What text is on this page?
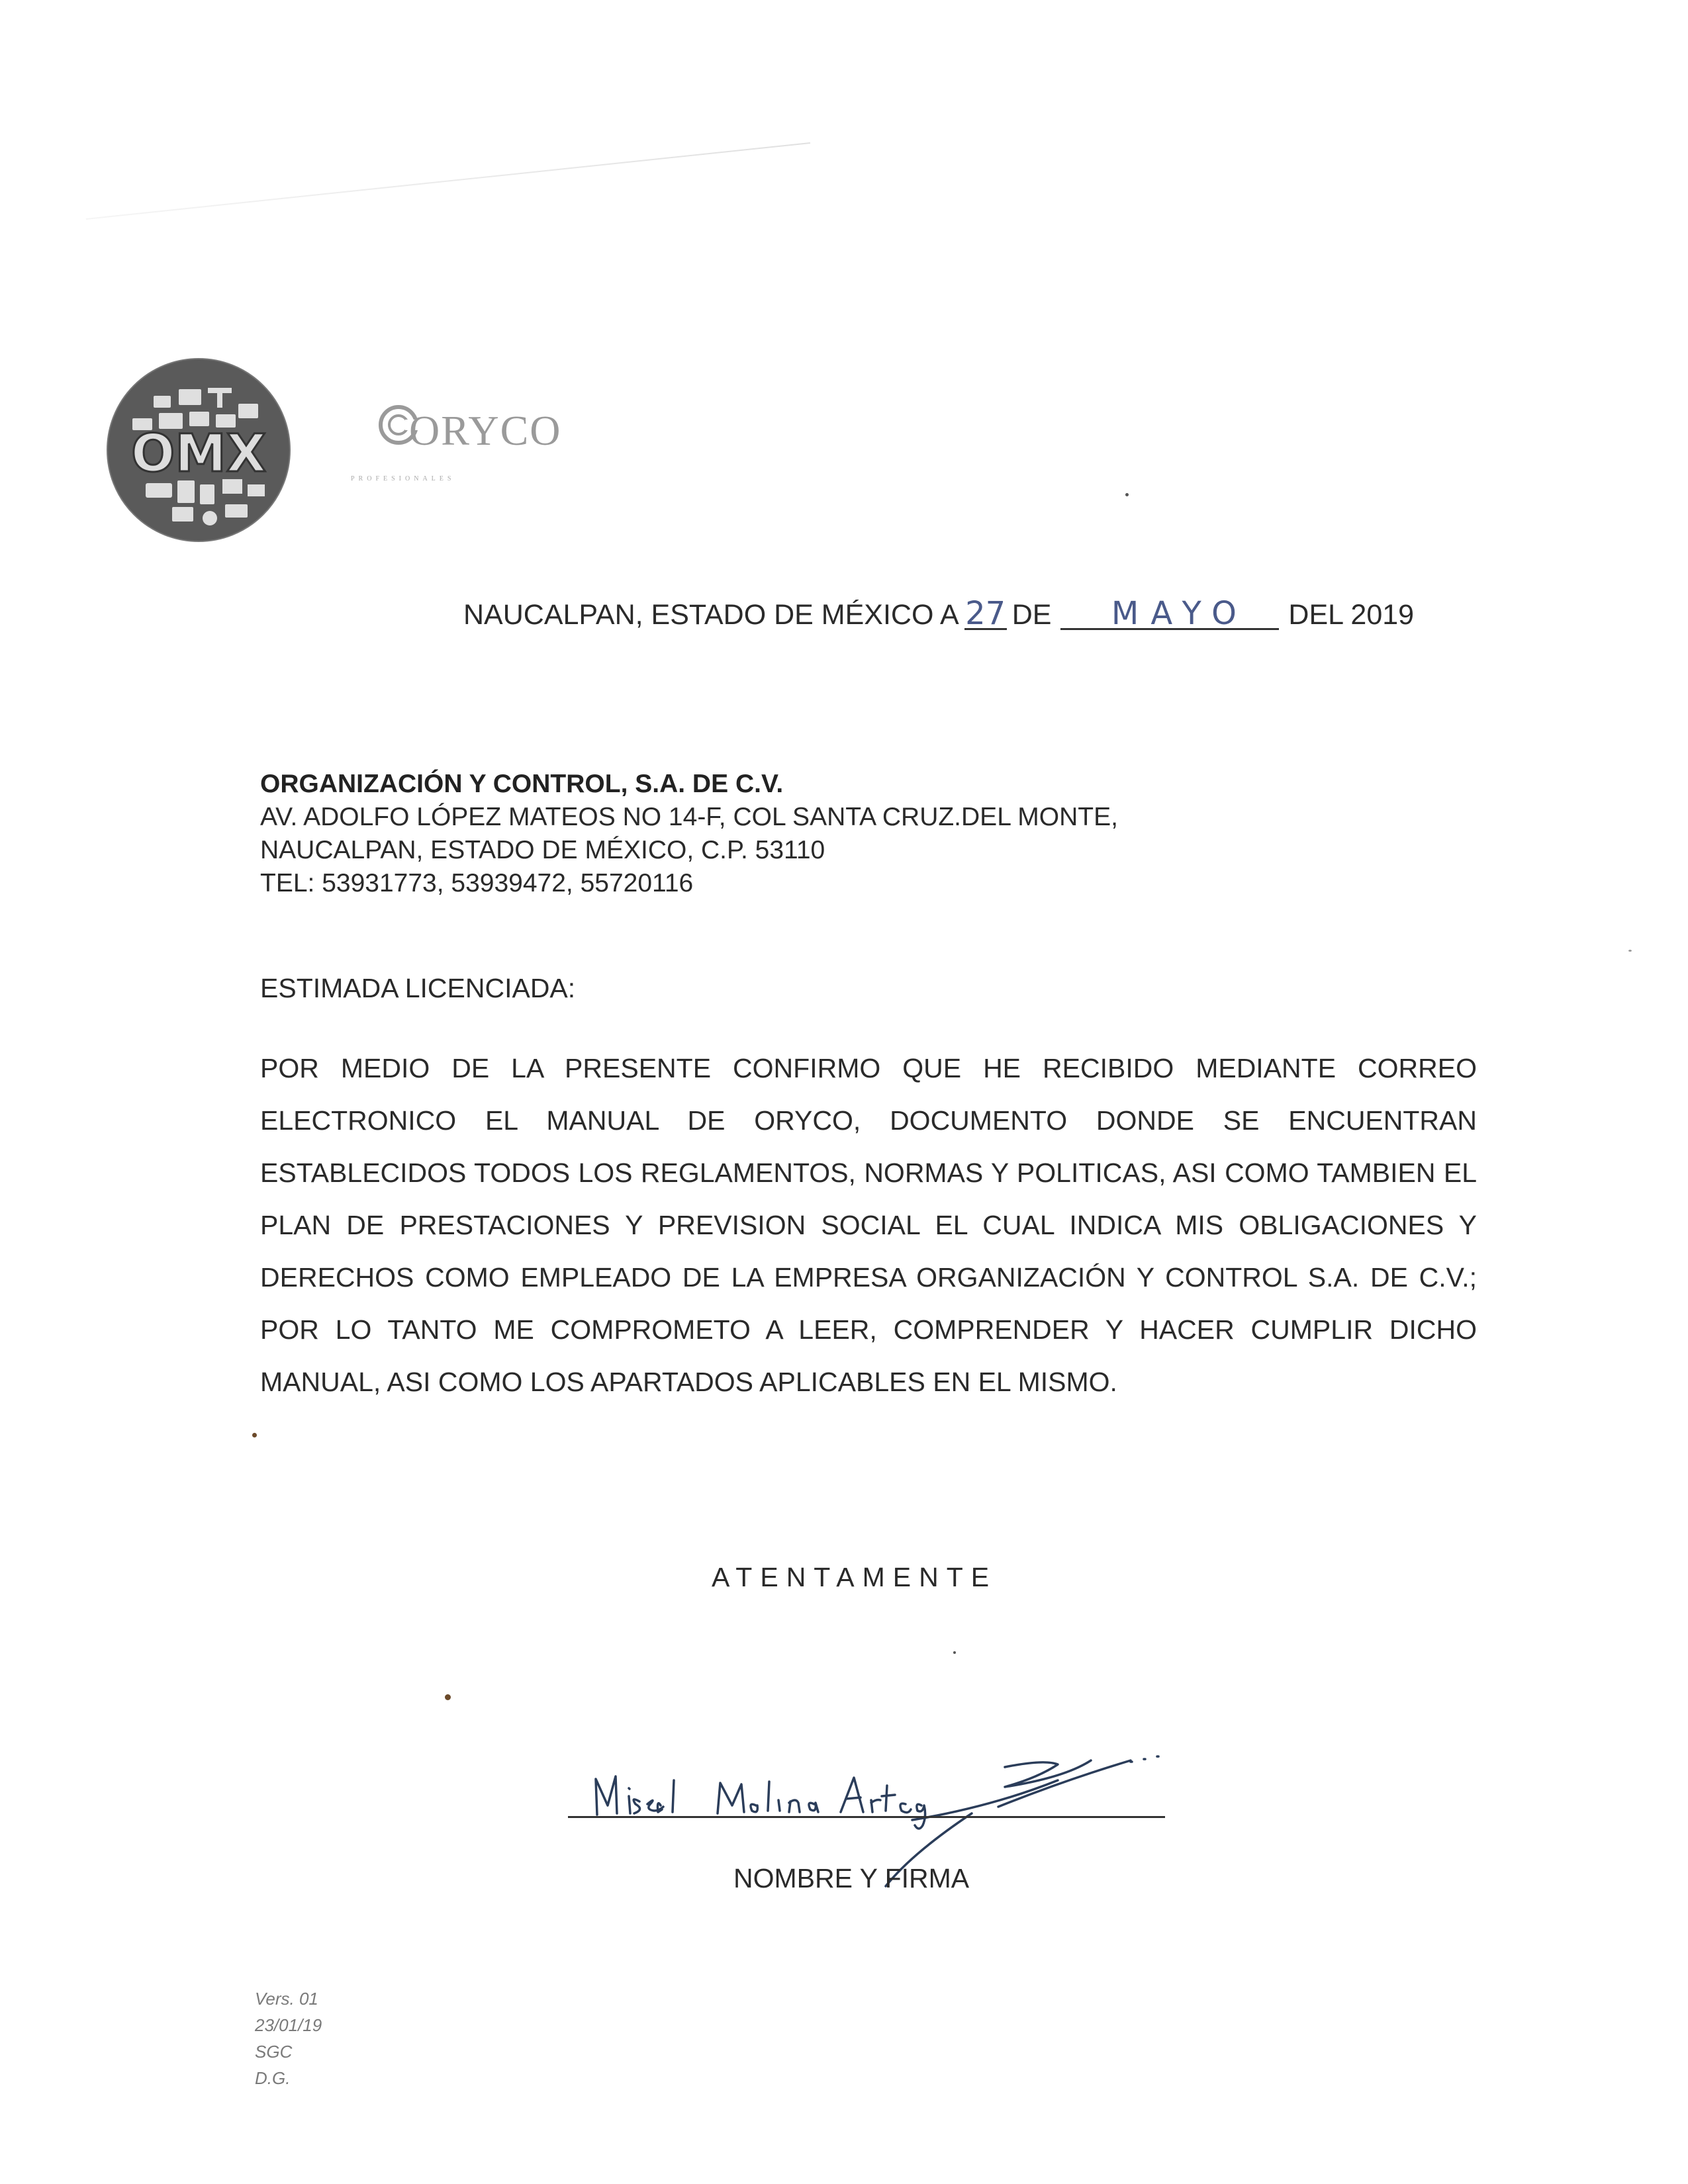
OMX	ORYCO
PROFESIONALES
NAUCALPAN, ESTADO DE MÉXICO A 27 DE MAYO DEL 2019
ORGANIZACIÓN Y CONTROL, S.A. DE C.V.
AV. ADOLFO LÓPEZ MATEOS NO 14-F, COL SANTA CRUZ.DEL MONTE,
NAUCALPAN, ESTADO DE MÉXICO, C.P. 53110
TEL: 53931773, 53939472, 55720116
ESTIMADA LICENCIADA:
POR MEDIO DE LA PRESENTE CONFIRMO QUE HE RECIBIDO MEDIANTE CORREO ELECTRONICO EL MANUAL DE ORYCO, DOCUMENTO DONDE SE ENCUENTRAN ESTABLECIDOS TODOS LOS REGLAMENTOS, NORMAS Y POLITICAS, ASI COMO TAMBIEN EL PLAN DE PRESTACIONES Y PREVISION SOCIAL EL CUAL INDICA MIS OBLIGACIONES Y DERECHOS COMO EMPLEADO DE LA EMPRESA ORGANIZACIÓN Y CONTROL S.A. DE C.V.; POR LO TANTO ME COMPROMETO A LEER, COMPRENDER Y HACER CUMPLIR DICHO MANUAL, ASI COMO LOS APARTADOS APLICABLES EN EL MISMO.
ATENTAMENTE
Misael Molina Arteaga
NOMBRE Y FIRMA
Vers. 01
23/01/19
SGC
D.G.
